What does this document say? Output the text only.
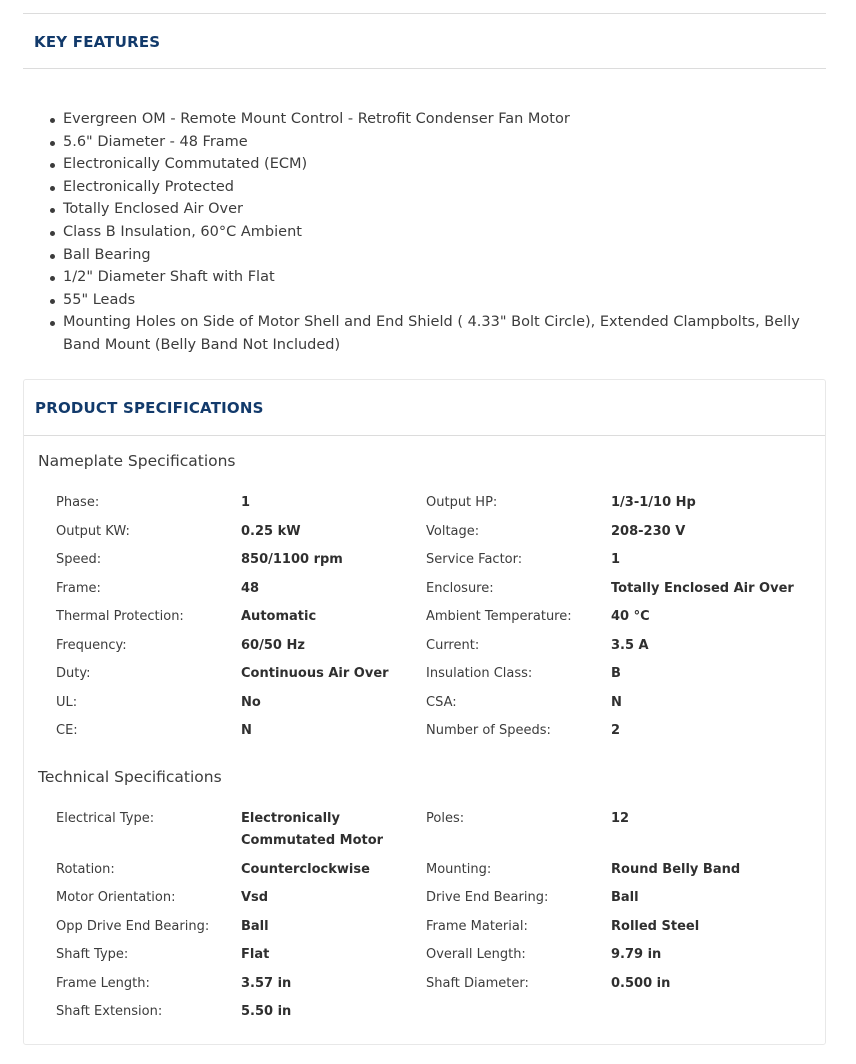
KEY FEATURES
Evergreen OM - Remote Mount Control - Retrofit Condenser Fan Motor
5.6" Diameter - 48 Frame
Electronically Commutated (ECM)
Electronically Protected
Totally Enclosed Air Over
Class B Insulation, 60°C Ambient
Ball Bearing
1/2" Diameter Shaft with Flat
55" Leads
Mounting Holes on Side of Motor Shell and End Shield ( 4.33" Bolt Circle), Extended Clampbolts, Belly Band Mount (Belly Band Not Included)
PRODUCT SPECIFICATIONS
Nameplate Specifications
Phase:	1	Output HP:	1/3-1/10 Hp
Output KW:	0.25 kW	Voltage:	208-230 V
Speed:	850/1100 rpm	Service Factor:	1
Frame:	48	Enclosure:	Totally Enclosed Air Over
Thermal Protection:	Automatic	Ambient Temperature:	40 °C
Frequency:	60/50 Hz	Current:	3.5 A
Duty:	Continuous Air Over	Insulation Class:	B
UL:	No	CSA:	N
CE:	N	Number of Speeds:	2
Technical Specifications
Electrical Type:	Electronically	Poles:	12
Commutated Motor
Rotation:	Counterclockwise	Mounting:	Round Belly Band
Motor Orientation:	Vsd	Drive End Bearing:	Ball
Opp Drive End Bearing:	Ball	Frame Material:	Rolled Steel
Shaft Type:	Flat	Overall Length:	9.79 in
Frame Length:	3.57 in	Shaft Diameter:	0.500 in
Shaft Extension:	5.50 in
